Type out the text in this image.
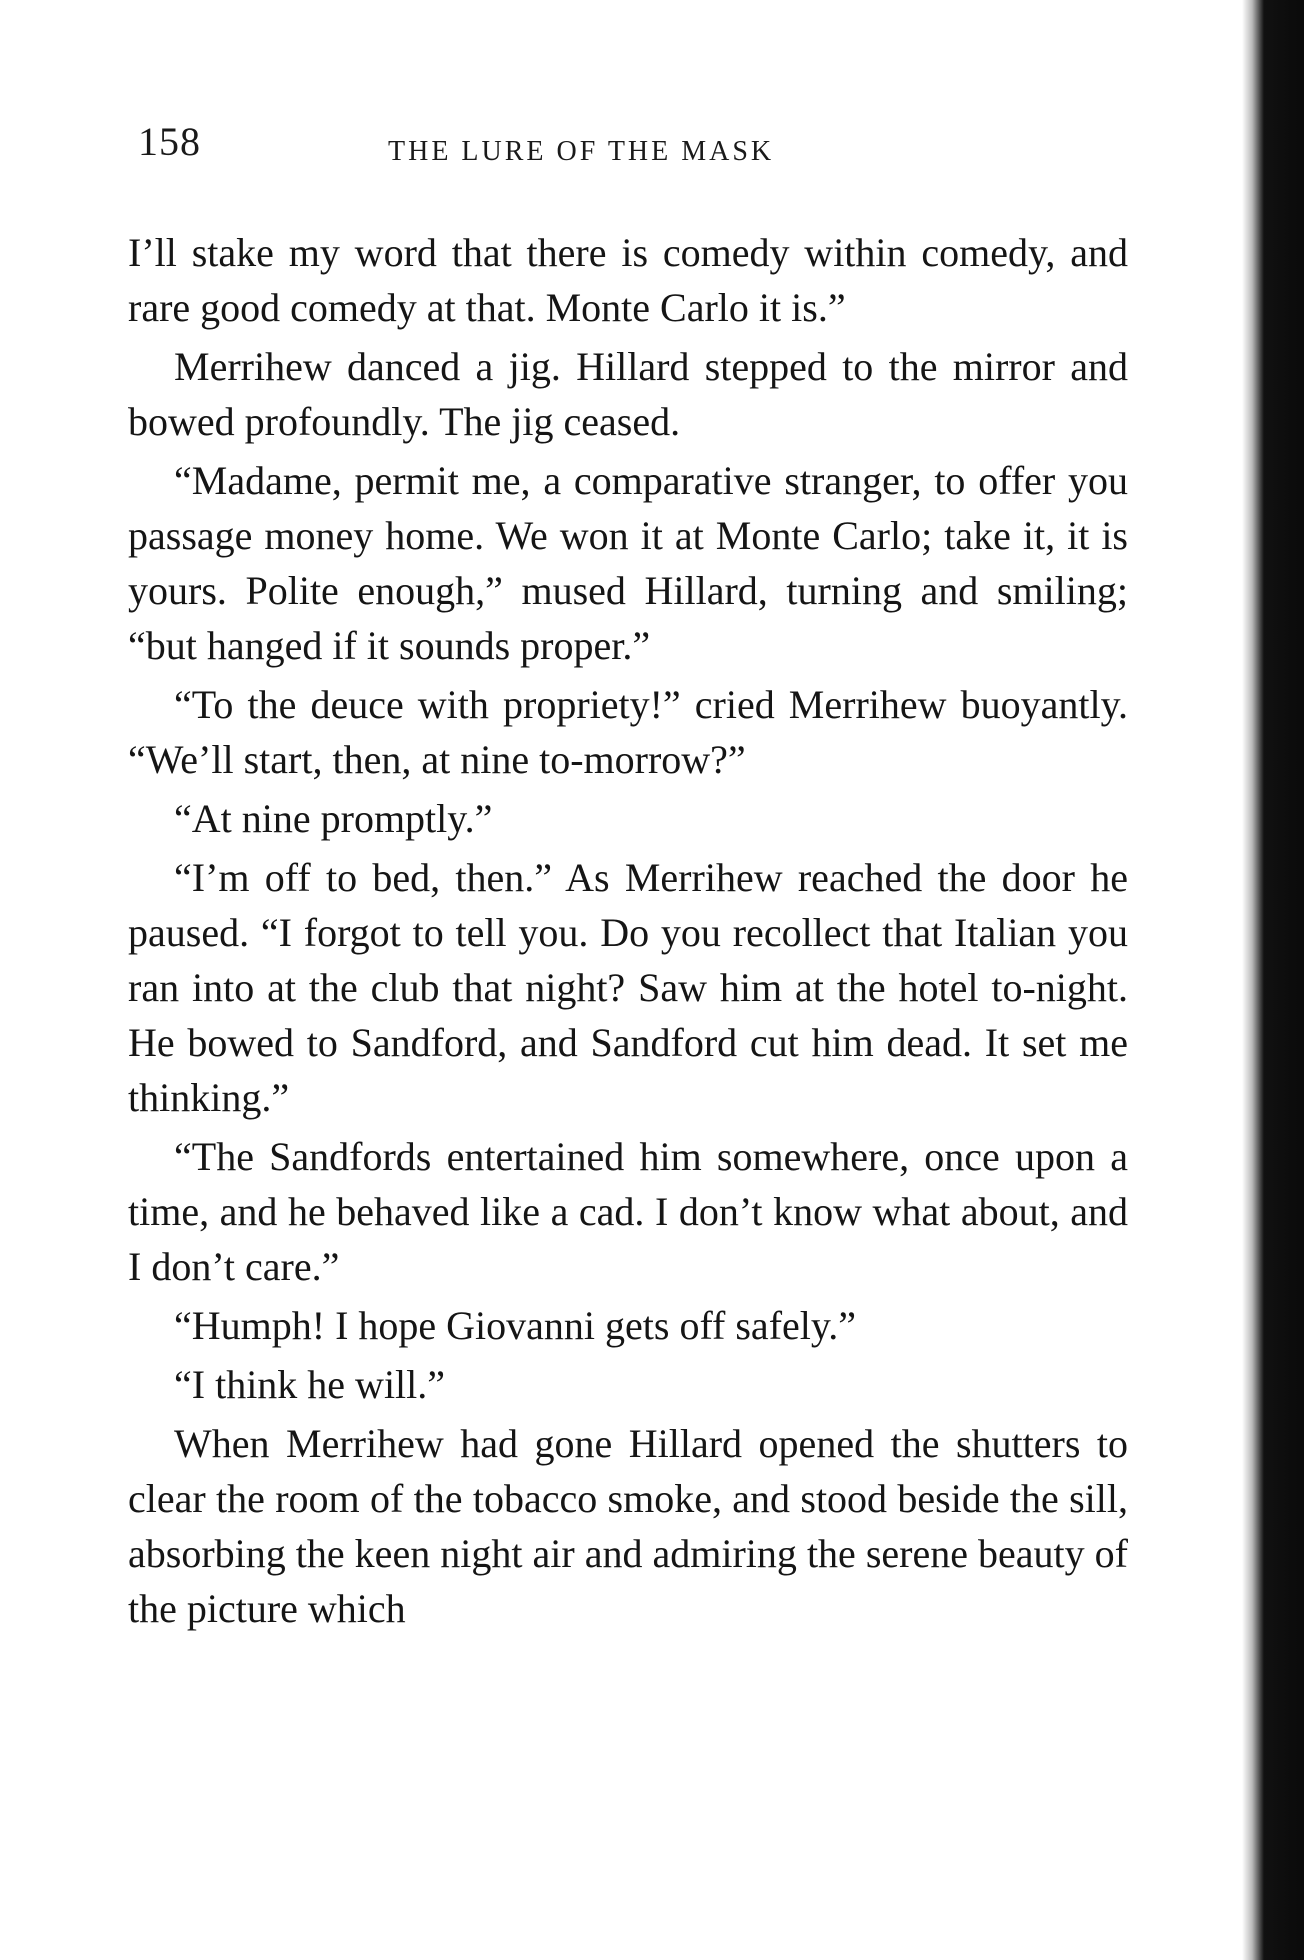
158	THE LURE OF THE MASK

I’ll stake my word that there is comedy within comedy, and rare good comedy at that. Monte Carlo it is.”

Merrihew danced a jig. Hillard stepped to the mirror and bowed profoundly. The jig ceased.

“Madame, permit me, a comparative stranger, to offer you passage money home. We won it at Monte Carlo; take it, it is yours. Polite enough,” mused Hillard, turning and smiling; “but hanged if it sounds proper.”

“To the deuce with propriety!” cried Merrihew buoyantly. “We’ll start, then, at nine to-morrow?”

“At nine promptly.”

“I’m off to bed, then.” As Merrihew reached the door he paused. “I forgot to tell you. Do you recollect that Italian you ran into at the club that night? Saw him at the hotel to-night. He bowed to Sandford, and Sandford cut him dead. It set me thinking.”

“The Sandfords entertained him somewhere, once upon a time, and he behaved like a cad. I don’t know what about, and I don’t care.”

“Humph! I hope Giovanni gets off safely.”

“I think he will.”

When Merrihew had gone Hillard opened the shutters to clear the room of the tobacco smoke, and stood beside the sill, absorbing the keen night air and admiring the serene beauty of the picture which
